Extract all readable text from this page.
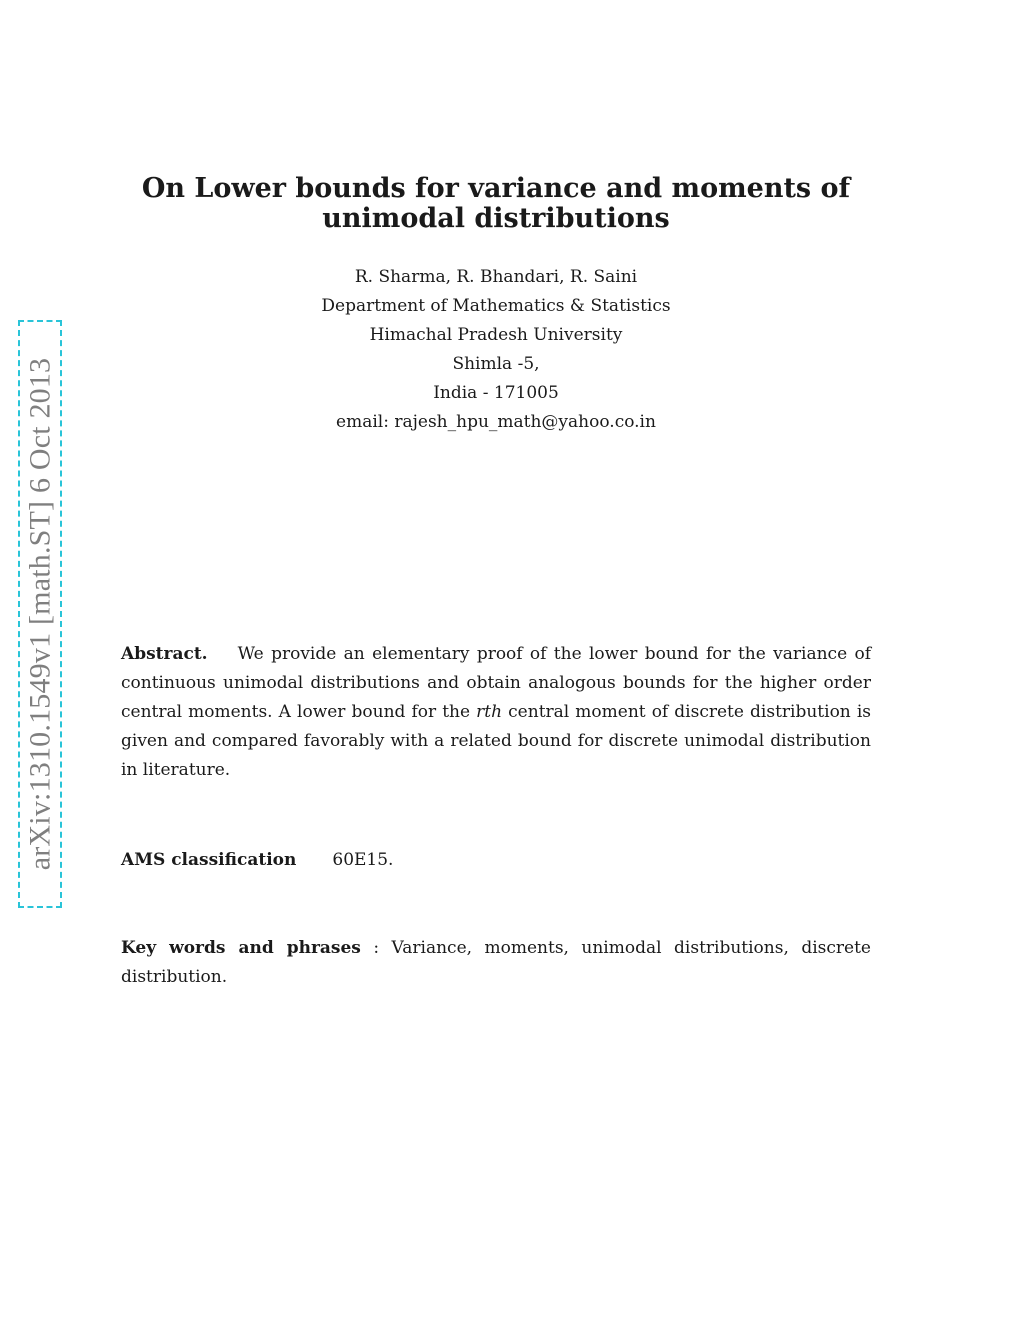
arXiv:1310.1549v1 [math.ST] 6 Oct 2013
On Lower bounds for variance and moments of
unimodal distributions
R. Sharma, R. Bhandari, R. Saini
Department of Mathematics & Statistics
Himachal Pradesh University
Shimla -5,
India - 171005
email: rajesh_hpu_math@yahoo.co.in
Abstract. We provide an elementary proof of the lower bound for the variance of continuous unimodal distributions and obtain analogous bounds for the higher order central moments. A lower bound for the rth central moment of discrete distribution is given and compared favorably with a related bound for discrete unimodal distribution in literature.
AMS classification 60E15.
Key words and phrases : Variance, moments, unimodal distributions, discrete distribution.
